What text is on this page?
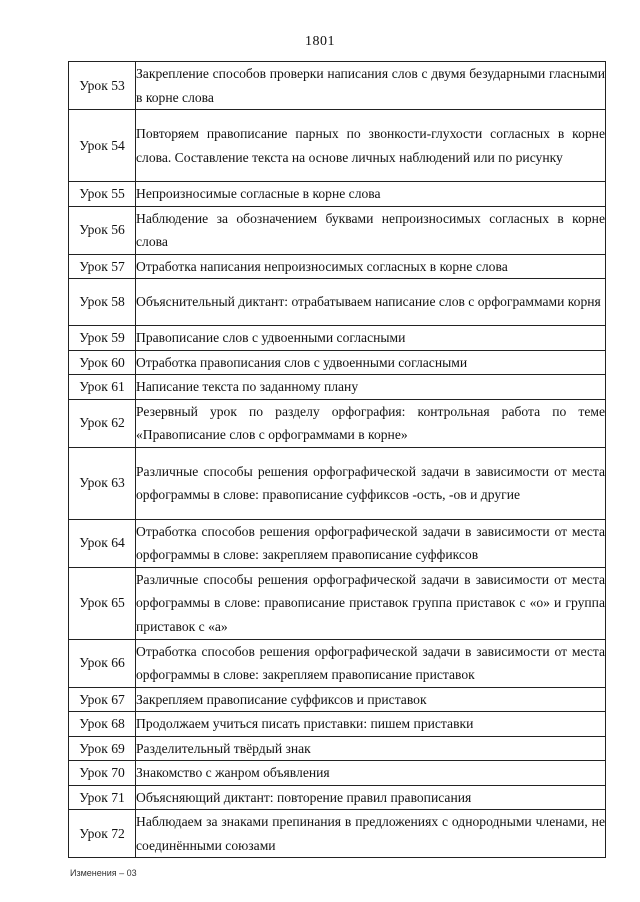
1801
Урок 53	Закрепление способов проверки написания слов с двумя безударными гласными в корне слова
Урок 54	Повторяем правописание парных по звонкости-глухости согласных в корне слова. Составление текста на основе личных наблюдений или по рисунку
Урок 55	Непроизносимые согласные в корне слова
Урок 56	Наблюдение за обозначением буквами непроизносимых согласных в корне слова
Урок 57	Отработка написания непроизносимых согласных в корне слова
Урок 58	Объяснительный диктант: отрабатываем написание слов с орфограммами корня
Урок 59	Правописание слов с удвоенными согласными
Урок 60	Отработка правописания слов с удвоенными согласными
Урок 61	Написание текста по заданному плану
Урок 62	Резервный урок по разделу орфография: контрольная работа по теме «Правописание слов с орфограммами в корне»
Урок 63	Различные способы решения орфографической задачи в зависимости от места орфограммы в слове: правописание суффиксов -ость, -ов и другие
Урок 64	Отработка способов решения орфографической задачи в зависимости от места орфограммы в слове: закрепляем правописание суффиксов
Урок 65	Различные способы решения орфографической задачи в зависимости от места орфограммы в слове: правописание приставок группа приставок с «о» и группа приставок с «а»
Урок 66	Отработка способов решения орфографической задачи в зависимости от места орфограммы в слове: закрепляем правописание приставок
Урок 67	Закрепляем правописание суффиксов и приставок
Урок 68	Продолжаем учиться писать приставки: пишем приставки
Урок 69	Разделительный твёрдый знак
Урок 70	Знакомство с жанром объявления
Урок 71	Объясняющий диктант: повторение правил правописания
Урок 72	Наблюдаем за знаками препинания в предложениях с однородными членами, не соединёнными союзами
Изменения – 03
